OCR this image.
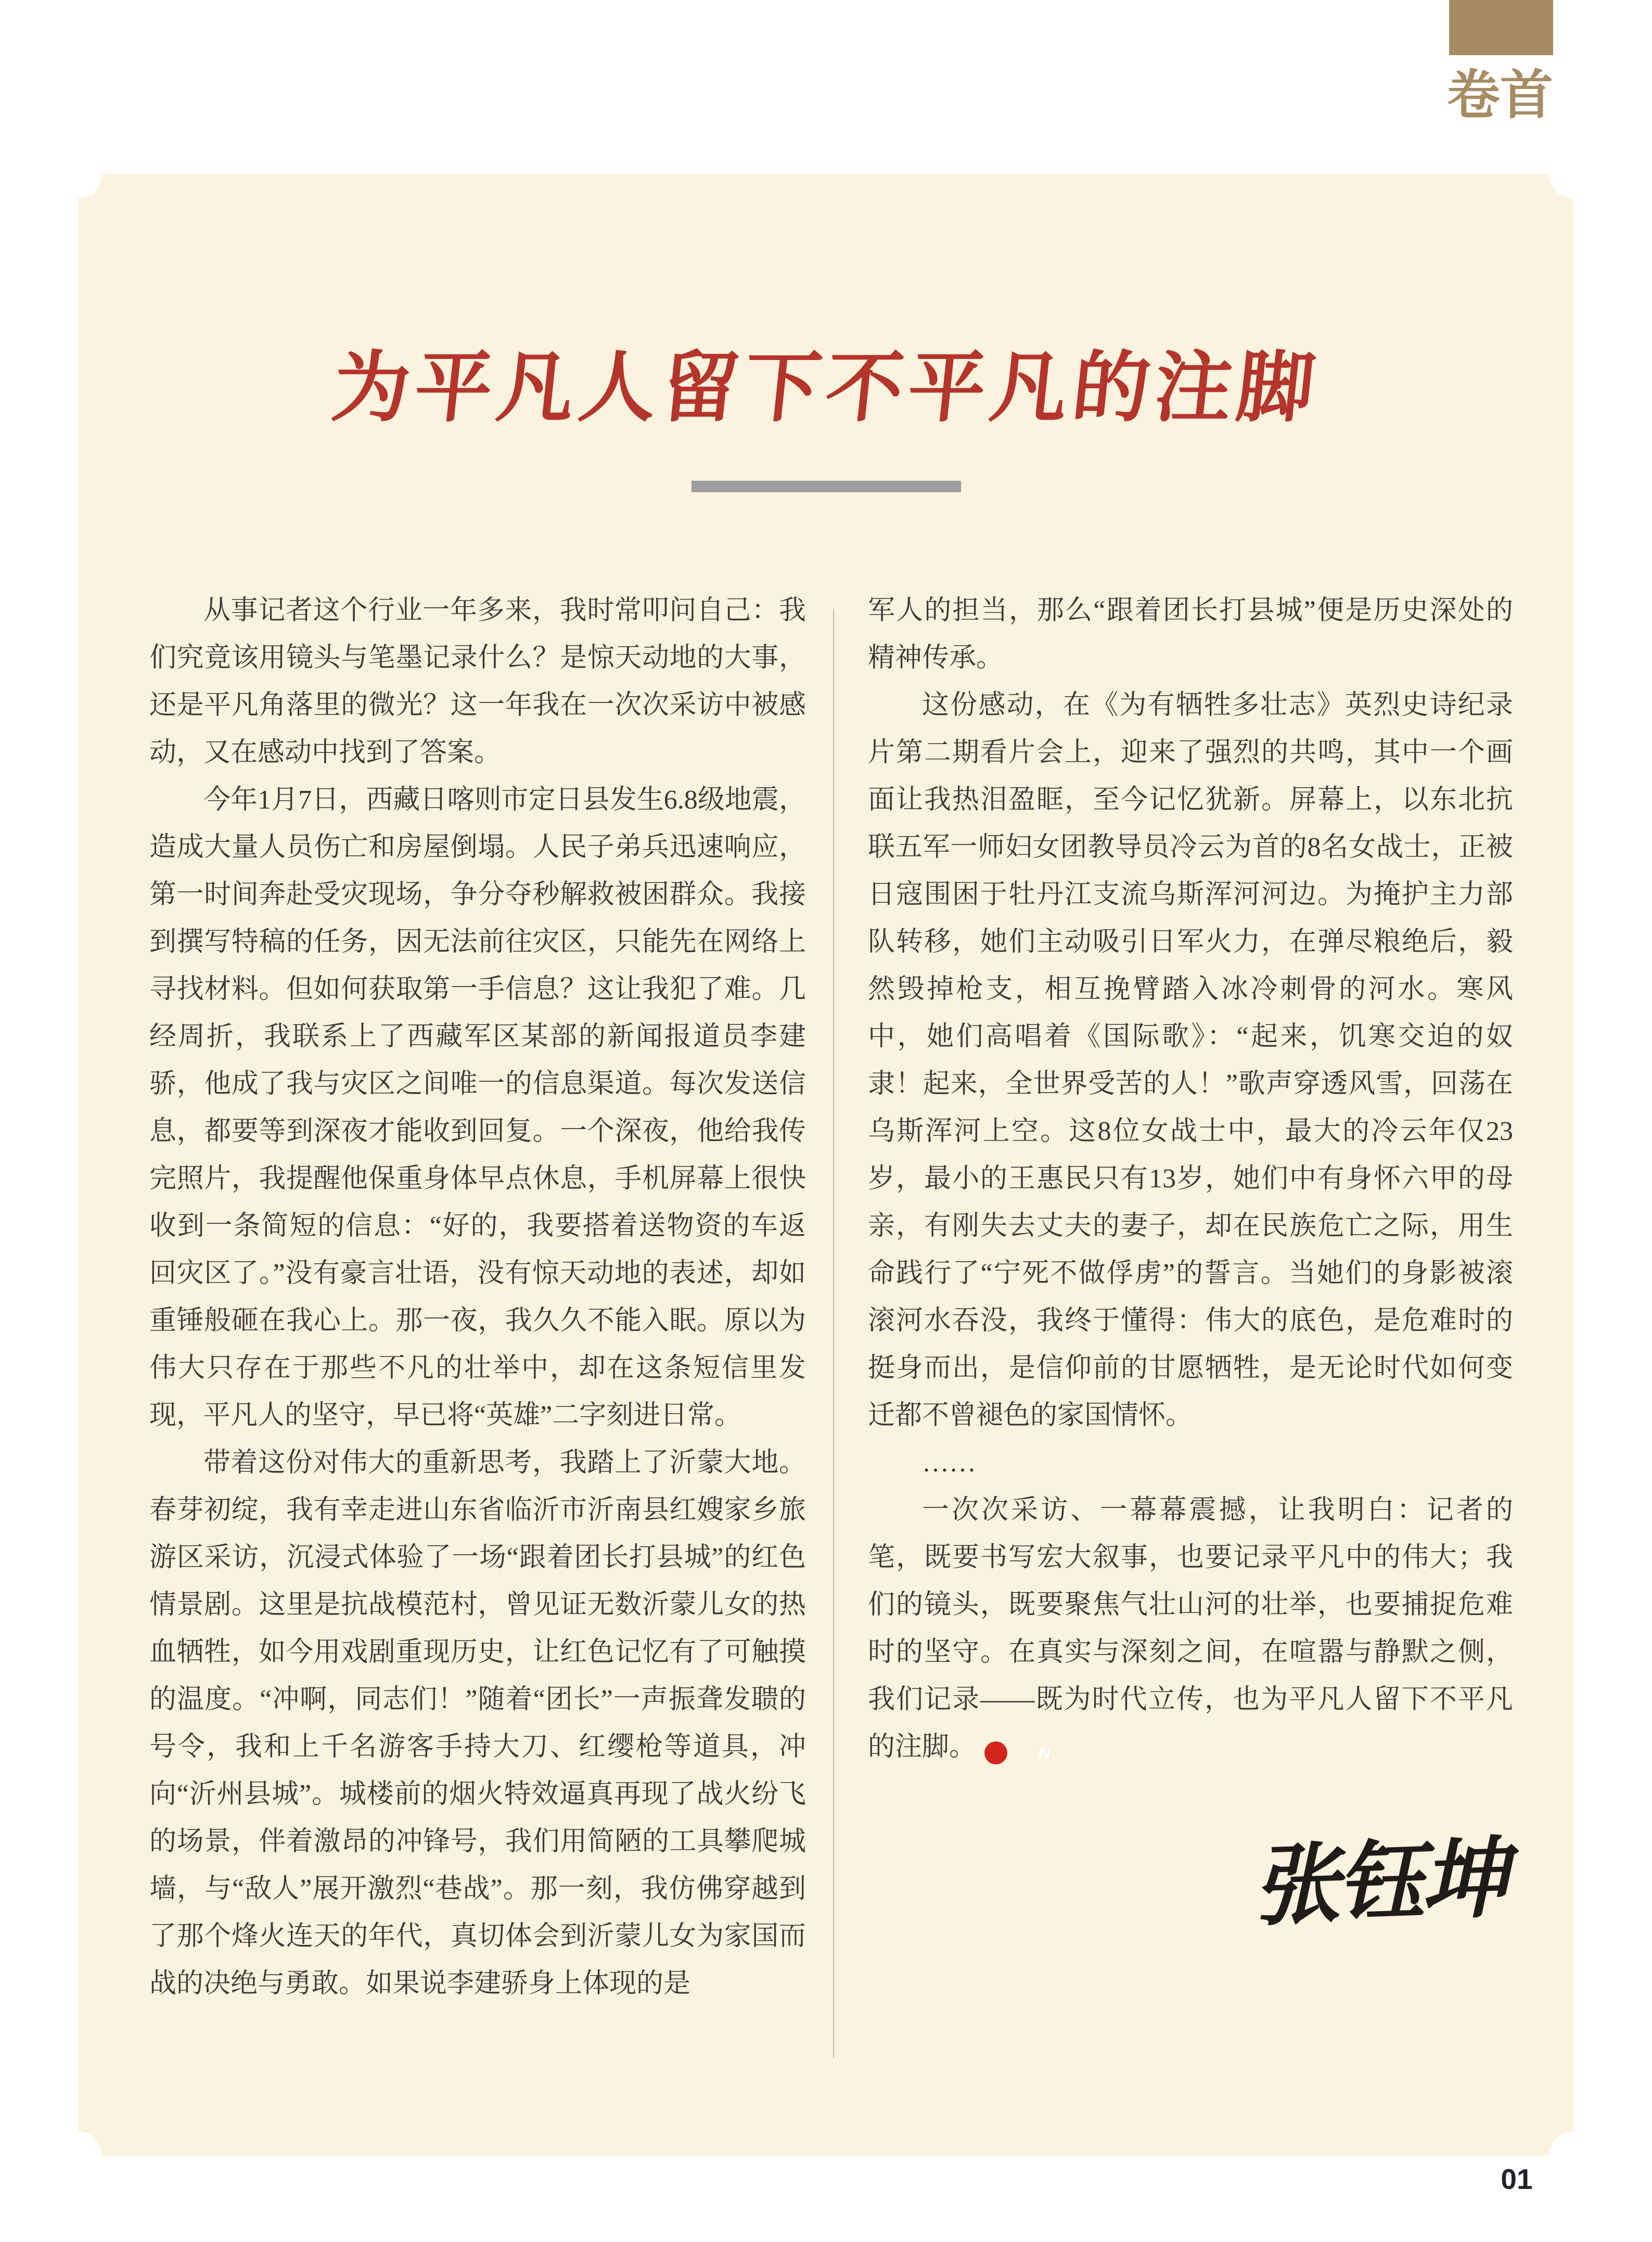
卷首
为平凡人留下不平凡的注脚

从事记者这个行业一年多来，我时常叩问自己：我们究竟该用镜头与笔墨记录什么？是惊天动地的大事，还是平凡角落里的微光？这一年我在一次次采访中被感动，又在感动中找到了答案。

今年1月7日，西藏日喀则市定日县发生6.8级地震，造成大量人员伤亡和房屋倒塌。人民子弟兵迅速响应，第一时间奔赴受灾现场，争分夺秒解救被困群众。我接到撰写特稿的任务，因无法前往灾区，只能先在网络上寻找材料。但如何获取第一手信息？这让我犯了难。几经周折，我联系上了西藏军区某部的新闻报道员李建骄，他成了我与灾区之间唯一的信息渠道。每次发送信息，都要等到深夜才能收到回复。一个深夜，他给我传完照片，我提醒他保重身体早点休息，手机屏幕上很快收到一条简短的信息：“好的，我要搭着送物资的车返回灾区了。”没有豪言壮语，没有惊天动地的表述，却如重锤般砸在我心上。那一夜，我久久不能入眠。原以为伟大只存在于那些不凡的壮举中，却在这条短信里发现，平凡人的坚守，早已将“英雄”二字刻进日常。

带着这份对伟大的重新思考，我踏上了沂蒙大地。春芽初绽，我有幸走进山东省临沂市沂南县红嫂家乡旅游区采访，沉浸式体验了一场“跟着团长打县城”的红色情景剧。这里是抗战模范村，曾见证无数沂蒙儿女的热血牺牲，如今用戏剧重现历史，让红色记忆有了可触摸的温度。“冲啊，同志们！”随着“团长”一声振聋发聩的号令，我和上千名游客手持大刀、红缨枪等道具，冲向“沂州县城”。城楼前的烟火特效逼真再现了战火纷飞的场景，伴着激昂的冲锋号，我们用简陋的工具攀爬城墙，与“敌人”展开激烈“巷战”。那一刻，我仿佛穿越到了那个烽火连天的年代，真切体会到沂蒙儿女为家国而战的决绝与勇敢。如果说李建骄身上体现的是

军人的担当，那么“跟着团长打县城”便是历史深处的精神传承。

这份感动，在《为有牺牲多壮志》英烈史诗纪录片第二期看片会上，迎来了强烈的共鸣，其中一个画面让我热泪盈眶，至今记忆犹新。屏幕上，以东北抗联五军一师妇女团教导员冷云为首的8名女战士，正被日寇围困于牡丹江支流乌斯浑河河边。为掩护主力部队转移，她们主动吸引日军火力，在弹尽粮绝后，毅然毁掉枪支，相互挽臂踏入冰冷刺骨的河水。寒风中，她们高唱着《国际歌》：“起来，饥寒交迫的奴隶！起来，全世界受苦的人！”歌声穿透风雪，回荡在乌斯浑河上空。这8位女战士中，最大的冷云年仅23岁，最小的王惠民只有13岁，她们中有身怀六甲的母亲，有刚失去丈夫的妻子，却在民族危亡之际，用生命践行了“宁死不做俘虏”的誓言。当她们的身影被滚滚河水吞没，我终于懂得：伟大的底色，是危难时的挺身而出，是信仰前的甘愿牺牲，是无论时代如何变迁都不曾褪色的家国情怀。

……

一次次采访、一幕幕震撼，让我明白：记者的笔，既要书写宏大叙事，也要记录平凡中的伟大；我们的镜头，既要聚焦气壮山河的壮举，也要捕捉危难时的坚守。在真实与深刻之间，在喧嚣与静默之侧，我们记录——既为时代立传，也为平凡人留下不平凡的注脚。	N

张钰坤
01
